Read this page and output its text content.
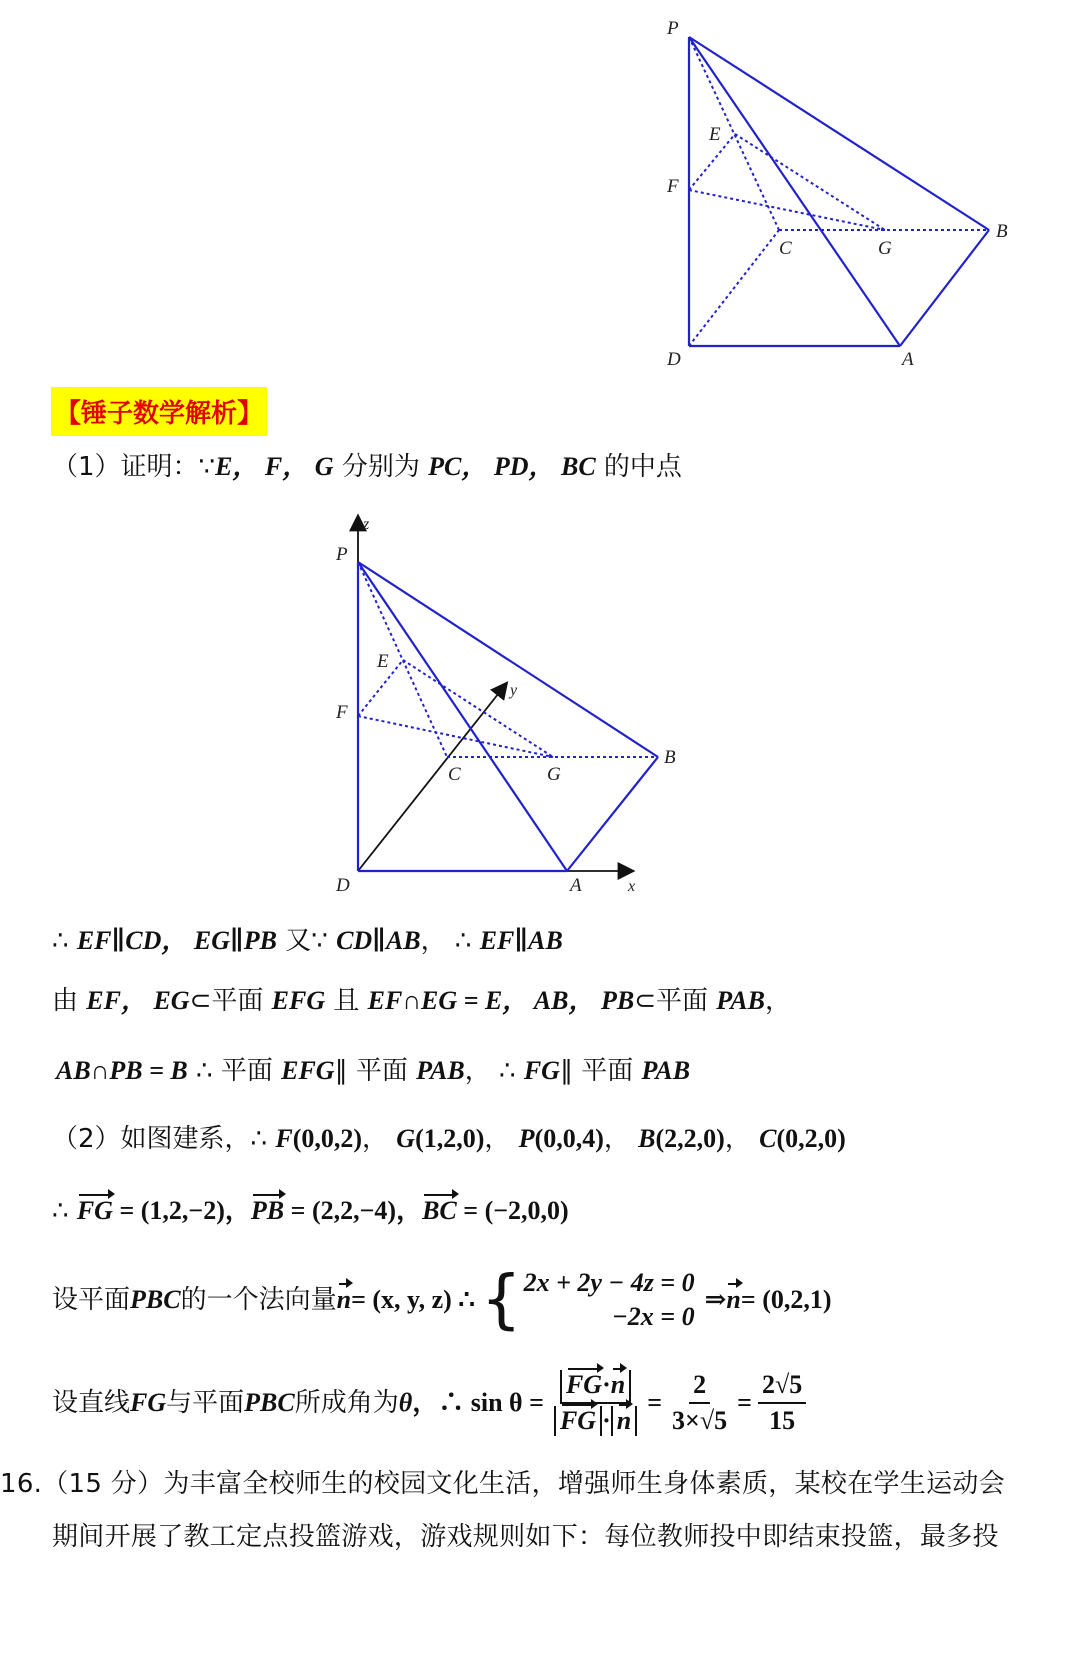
P
E
F
C	G
B
D	A
【锤子数学解析】
（1）证明：∵E， F， G 分别为 PC， PD， BC 的中点
z
P
E
y
F
C	G
B
D	A	x
∴ EF∥CD， EG∥PB 又∵ CD∥AB， ∴ EF∥AB
由 EF， EG⊂平面 EFG 且 EF∩EG = E， AB， PB⊂平面 PAB，
AB∩PB = B ∴ 平面 EFG∥ 平面 PAB， ∴ FG∥ 平面 PAB
（2）如图建系，∴ F(0,0,2)， G(1,2,0)， P(0,0,4)， B(2,2,0)， C(0,2,0)
∴ FG = (1,2,−2)，PB = (2,2,−4)，BC = (−2,0,0)
设平面 PBC 的一个法向量 n = (x, y, z) ∴ { 2x + 2y − 4z = 0
−2x = 0
⇒ n = (0,2,1)
设直线 FG 与平面 PBC 所成角为 θ ，∴ $\sin \theta = \frac{FG\cdot n}{FG \cdot n} = \frac{2}{3\times√5} = \frac{2√5}{15}$
16.（15 分）为丰富全校师生的校园文化生活，增强师生身体素质，某校在学生运动会
期间开展了教工定点投篮游戏，游戏规则如下：每位教师投中即结束投篮，最多投
